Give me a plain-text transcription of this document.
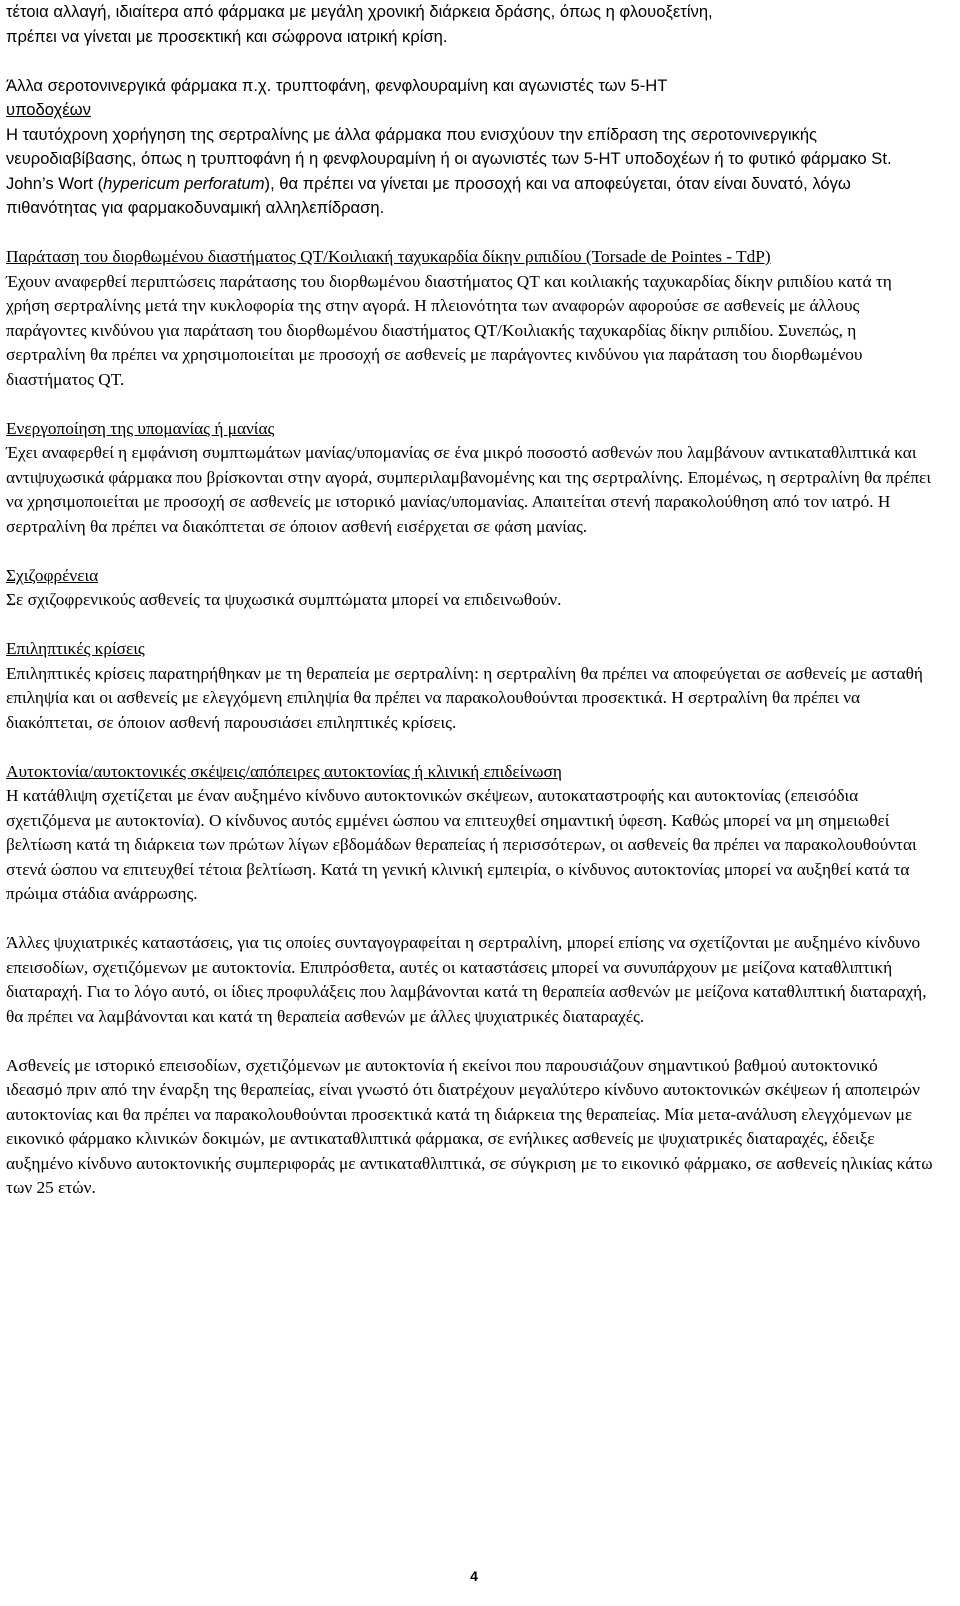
τέτοια αλλαγή, ιδιαίτερα από φάρμακα με μεγάλη χρονική διάρκεια δράσης, όπως η φλουοξετίνη,
πρέπει να γίνεται με προσεκτική και σώφρονα ιατρική κρίση.

Άλλα σεροτονινεργικά φάρμακα π.χ. τρυπτοφάνη, φενφλουραμίνη και αγωνιστές των 5-HT
υποδοχέων

Η ταυτόχρονη χορήγηση της σερτραλίνης με άλλα φάρμακα που ενισχύουν την επίδραση της σεροτονινεργικής νευροδιαβίβασης, όπως η τρυπτοφάνη ή η φενφλουραμίνη ή οι αγωνιστές των 5-HT υποδοχέων ή το φυτικό φάρμακο St. John’s Wort (hypericum perforatum), θα πρέπει να γίνεται με προσοχή και να αποφεύγεται, όταν είναι δυνατό, λόγω πιθανότητας για φαρμακοδυναμική αλληλεπίδραση.

Παράταση του διορθωμένου διαστήματος QT/Κοιλιακή ταχυκαρδία δίκην ριπιδίου (Torsade de Pointes - TdP)

Έχουν αναφερθεί περιπτώσεις παράτασης του διορθωμένου διαστήματος QT και κοιλιακής ταχυκαρδίας δίκην ριπιδίου κατά τη χρήση σερτραλίνης μετά την κυκλοφορία της στην αγορά. Η πλειονότητα των αναφορών αφορούσε σε ασθενείς με άλλους παράγοντες κινδύνου για παράταση του διορθωμένου διαστήματος QT/Κοιλιακής ταχυκαρδίας δίκην ριπιδίου. Συνεπώς, η σερτραλίνη θα πρέπει να χρησιμοποιείται με προσοχή σε ασθενείς με παράγοντες κινδύνου για παράταση του διορθωμένου διαστήματος QT.

Ενεργοποίηση της υπομανίας ή μανίας

Έχει αναφερθεί η εμφάνιση συμπτωμάτων μανίας/υπομανίας σε ένα μικρό ποσοστό ασθενών που λαμβάνουν αντικαταθλιπτικά και αντιψυχωσικά φάρμακα που βρίσκονται στην αγορά, συμπεριλαμβανομένης και της σερτραλίνης. Επομένως, η σερτραλίνη θα πρέπει να χρησιμοποιείται με προσοχή σε ασθενείς με ιστορικό μανίας/υπομανίας. Απαιτείται στενή παρακολούθηση από τον ιατρό. Η σερτραλίνη θα πρέπει να διακόπτεται σε όποιον ασθενή εισέρχεται σε φάση μανίας.

Σχιζοφρένεια

Σε σχιζοφρενικούς ασθενείς τα ψυχωσικά συμπτώματα μπορεί να επιδεινωθούν.

Επιληπτικές κρίσεις

Επιληπτικές κρίσεις παρατηρήθηκαν με τη θεραπεία με σερτραλίνη: η σερτραλίνη θα πρέπει να αποφεύγεται σε ασθενείς με ασταθή επιληψία και οι ασθενείς με ελεγχόμενη επιληψία θα πρέπει να παρακολουθούνται προσεκτικά. Η σερτραλίνη θα πρέπει να διακόπτεται, σε όποιον ασθενή παρουσιάσει επιληπτικές κρίσεις.

Αυτοκτονία/αυτοκτονικές σκέψεις/απόπειρες αυτοκτονίας ή κλινική επιδείνωση

Η κατάθλιψη σχετίζεται με έναν αυξημένο κίνδυνο αυτοκτονικών σκέψεων, αυτοκαταστροφής και αυτοκτονίας (επεισόδια σχετιζόμενα με αυτοκτονία). Ο κίνδυνος αυτός εμμένει ώσπου να επιτευχθεί σημαντική ύφεση. Καθώς μπορεί να μη σημειωθεί βελτίωση κατά τη διάρκεια των πρώτων λίγων εβδομάδων θεραπείας ή περισσότερων, οι ασθενείς θα πρέπει να παρακολουθούνται στενά ώσπου να επιτευχθεί τέτοια βελτίωση. Κατά τη γενική κλινική εμπειρία, ο κίνδυνος αυτοκτονίας μπορεί να αυξηθεί κατά τα πρώιμα στάδια ανάρρωσης.

Άλλες ψυχιατρικές καταστάσεις, για τις οποίες συνταγογραφείται η σερτραλίνη, μπορεί επίσης να σχετίζονται με αυξημένο κίνδυνο επεισοδίων, σχετιζόμενων με αυτοκτονία. Επιπρόσθετα, αυτές οι καταστάσεις μπορεί να συνυπάρχουν με μείζονα καταθλιπτική διαταραχή. Για το λόγο αυτό, οι ίδιες προφυλάξεις που λαμβάνονται κατά τη θεραπεία ασθενών με μείζονα καταθλιπτική διαταραχή, θα πρέπει να λαμβάνονται και κατά τη θεραπεία ασθενών με άλλες ψυχιατρικές διαταραχές.

Ασθενείς με ιστορικό επεισοδίων, σχετιζόμενων με αυτοκτονία ή εκείνοι που παρουσιάζουν σημαντικού βαθμού αυτοκτονικό ιδεασμό πριν από την έναρξη της θεραπείας, είναι γνωστό ότι διατρέχουν μεγαλύτερο κίνδυνο αυτοκτονικών σκέψεων ή αποπειρών αυτοκτονίας και θα πρέπει να παρακολουθούνται προσεκτικά κατά τη διάρκεια της θεραπείας. Μία μετα-ανάλυση ελεγχόμενων με εικονικό φάρμακο κλινικών δοκιμών, με αντικαταθλιπτικά φάρμακα, σε ενήλικες ασθενείς με ψυχιατρικές διαταραχές, έδειξε αυξημένο κίνδυνο αυτοκτονικής συμπεριφοράς με αντικαταθλιπτικά, σε σύγκριση με το εικονικό φάρμακο, σε ασθενείς ηλικίας κάτω των 25 ετών.

4
